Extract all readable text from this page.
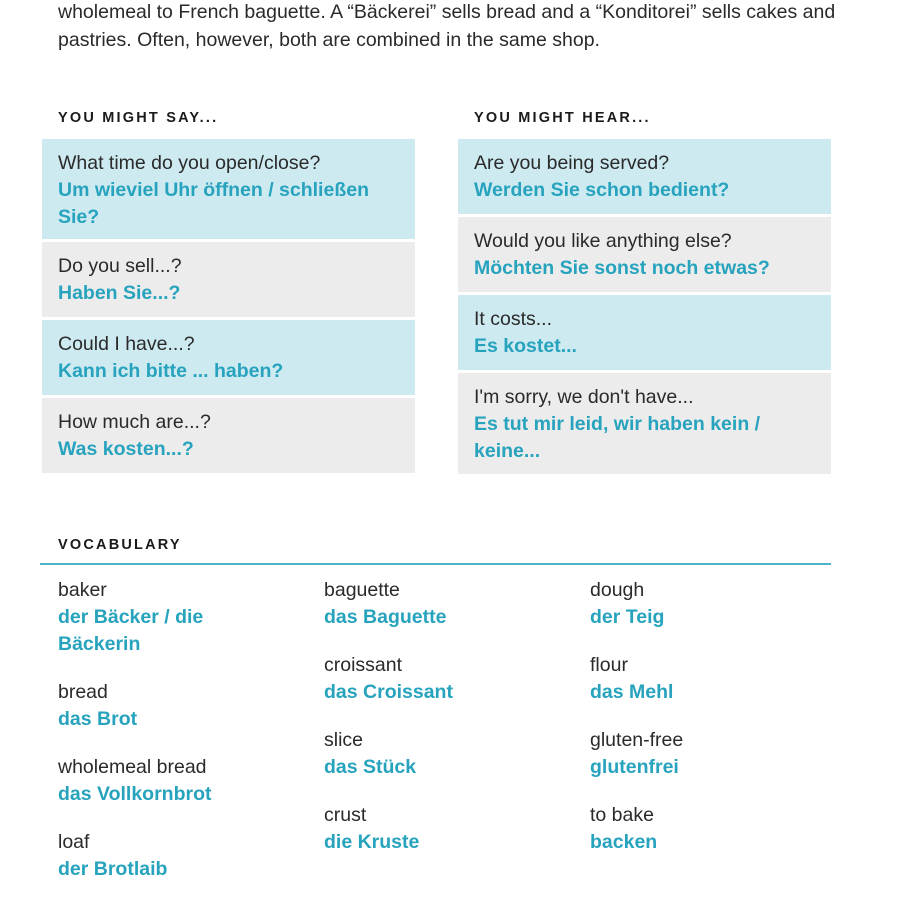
wholemeal to French baguette. A “Bäckerei” sells bread and a “Konditorei” sells cakes and pastries. Often, however, both are combined in the same shop.

YOU MIGHT SAY...	YOU MIGHT HEAR...
What time do you open/close?
Um wieviel Uhr öffnen / schließen Sie?
Do you sell...?
Haben Sie...?
Could I have...?
Kann ich bitte ... haben?
How much are...?
Was kosten...?
Are you being served?
Werden Sie schon bedient?
Would you like anything else?
Möchten Sie sonst noch etwas?
It costs...
Es kostet...
I'm sorry, we don't have...
Es tut mir leid, wir haben kein / keine...
VOCABULARY
baker
der Bäcker / die Bäckerin
bread
das Brot
wholemeal bread
das Vollkornbrot
loaf
der Brotlaib
baguette
das Baguette
croissant
das Croissant
slice
das Stück
crust
die Kruste
dough
der Teig
flour
das Mehl
gluten-free
glutenfrei
to bake
backen
